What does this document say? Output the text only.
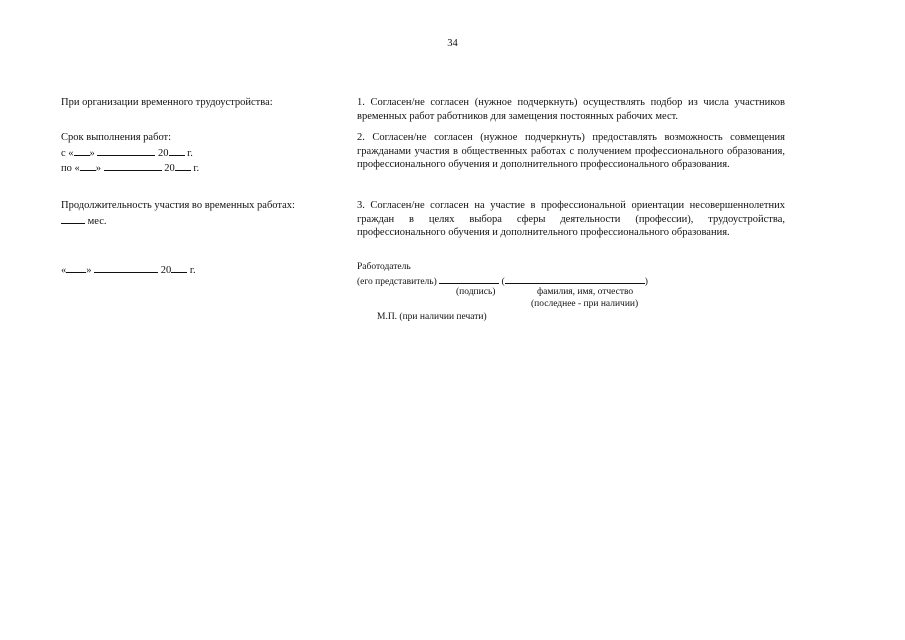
34
При организации временного трудоустройства:
Срок выполнения работ:
с « »	20 г.
по « »	20 г.
Продолжительность участия во временных работах:
мес.
« »	20 г.
1. Согласен/не согласен (нужное подчеркнуть) осуществлять подбор из числа участников временных работ работников для замещения постоянных рабочих мест.
2. Согласен/не согласен (нужное подчеркнуть) предоставлять возможность совмещения гражданами участия в общественных работах с получением профессионального образования, профессионального обучения и дополнительного профессионального образования.
3. Согласен/не согласен на участие в профессиональной ориентации несовершеннолетних граждан в целях выбора сферы деятельности (профессии), трудоустройства, профессионального обучения и дополнительного профессионального образования.
Работодатель
(его представитель)	(	)
(подпись)	фамилия, имя, отчество
(последнее - при наличии)
М.П. (при наличии печати)
